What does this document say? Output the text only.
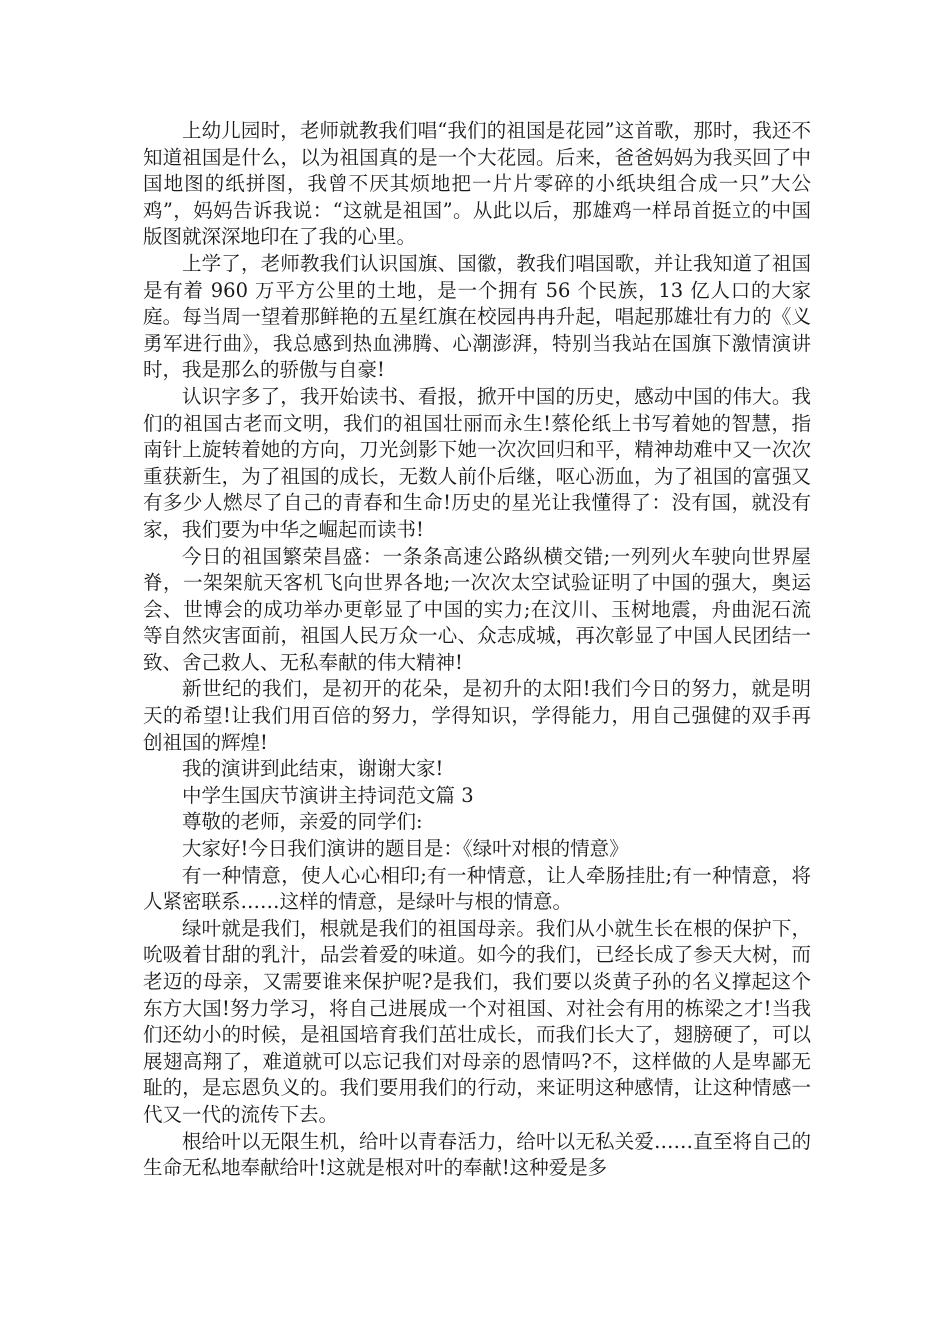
上幼儿园时，老师就教我们唱“我们的祖国是花园”这首歌，那时，我还不知道祖国是什么，以为祖国真的是一个大花园。后来，爸爸妈妈为我买回了中国地图的纸拼图，我曾不厌其烦地把一片片零碎的小纸块组合成一只”大公鸡”，妈妈告诉我说：“这就是祖国”。从此以后，那雄鸡一样昂首挺立的中国版图就深深地印在了我的心里。

上学了，老师教我们认识国旗、国徽，教我们唱国歌，并让我知道了祖国是有着 960 万平方公里的土地，是一个拥有 56 个民族，13 亿人口的大家庭。每当周一望着那鲜艳的五星红旗在校园冉冉升起，唱起那雄壮有力的《义勇军进行曲》，我总感到热血沸腾、心潮澎湃，特别当我站在国旗下激情演讲时，我是那么的骄傲与自豪!

认识字多了，我开始读书、看报，掀开中国的历史，感动中国的伟大。我们的祖国古老而文明，我们的祖国壮丽而永生!蔡伦纸上书写着她的智慧，指南针上旋转着她的方向，刀光剑影下她一次次回归和平，精神劫难中又一次次重获新生，为了祖国的成长，无数人前仆后继，呕心沥血，为了祖国的富强又有多少人燃尽了自己的青春和生命!历史的星光让我懂得了：没有国，就没有家，我们要为中华之崛起而读书!

今日的祖国繁荣昌盛：一条条高速公路纵横交错;一列列火车驶向世界屋脊，一架架航天客机飞向世界各地;一次次太空试验证明了中国的强大，奥运会、世博会的成功举办更彰显了中国的实力;在汶川、玉树地震，舟曲泥石流等自然灾害面前，祖国人民万众一心、众志成城，再次彰显了中国人民团结一致、舍己救人、无私奉献的伟大精神!

新世纪的我们，是初开的花朵，是初升的太阳!我们今日的努力，就是明天的希望!让我们用百倍的努力，学得知识，学得能力，用自己强健的双手再创祖国的辉煌!

我的演讲到此结束，谢谢大家!

中学生国庆节演讲主持词范文篇 3

尊敬的老师，亲爱的同学们:

大家好!今日我们演讲的题目是：《绿叶对根的情意》

有一种情意，使人心心相印;有一种情意，让人牵肠挂肚;有一种情意，将人紧密联系……这样的情意，是绿叶与根的情意。

绿叶就是我们，根就是我们的祖国母亲。我们从小就生长在根的保护下，吮吸着甘甜的乳汁，品尝着爱的味道。如今的我们，已经长成了参天大树，而老迈的母亲，又需要谁来保护呢?是我们，我们要以炎黄子孙的名义撑起这个东方大国!努力学习，将自己进展成一个对祖国、对社会有用的栋梁之才!当我们还幼小的时候，是祖国培育我们茁壮成长，而我们长大了，翅膀硬了，可以展翅高翔了，难道就可以忘记我们对母亲的恩情吗?不，这样做的人是卑鄙无耻的，是忘恩负义的。我们要用我们的行动，来证明这种感情，让这种情感一代又一代的流传下去。

根给叶以无限生机，给叶以青春活力，给叶以无私关爱……直至将自己的生命无私地奉献给叶!这就是根对叶的奉献!这种爱是多
